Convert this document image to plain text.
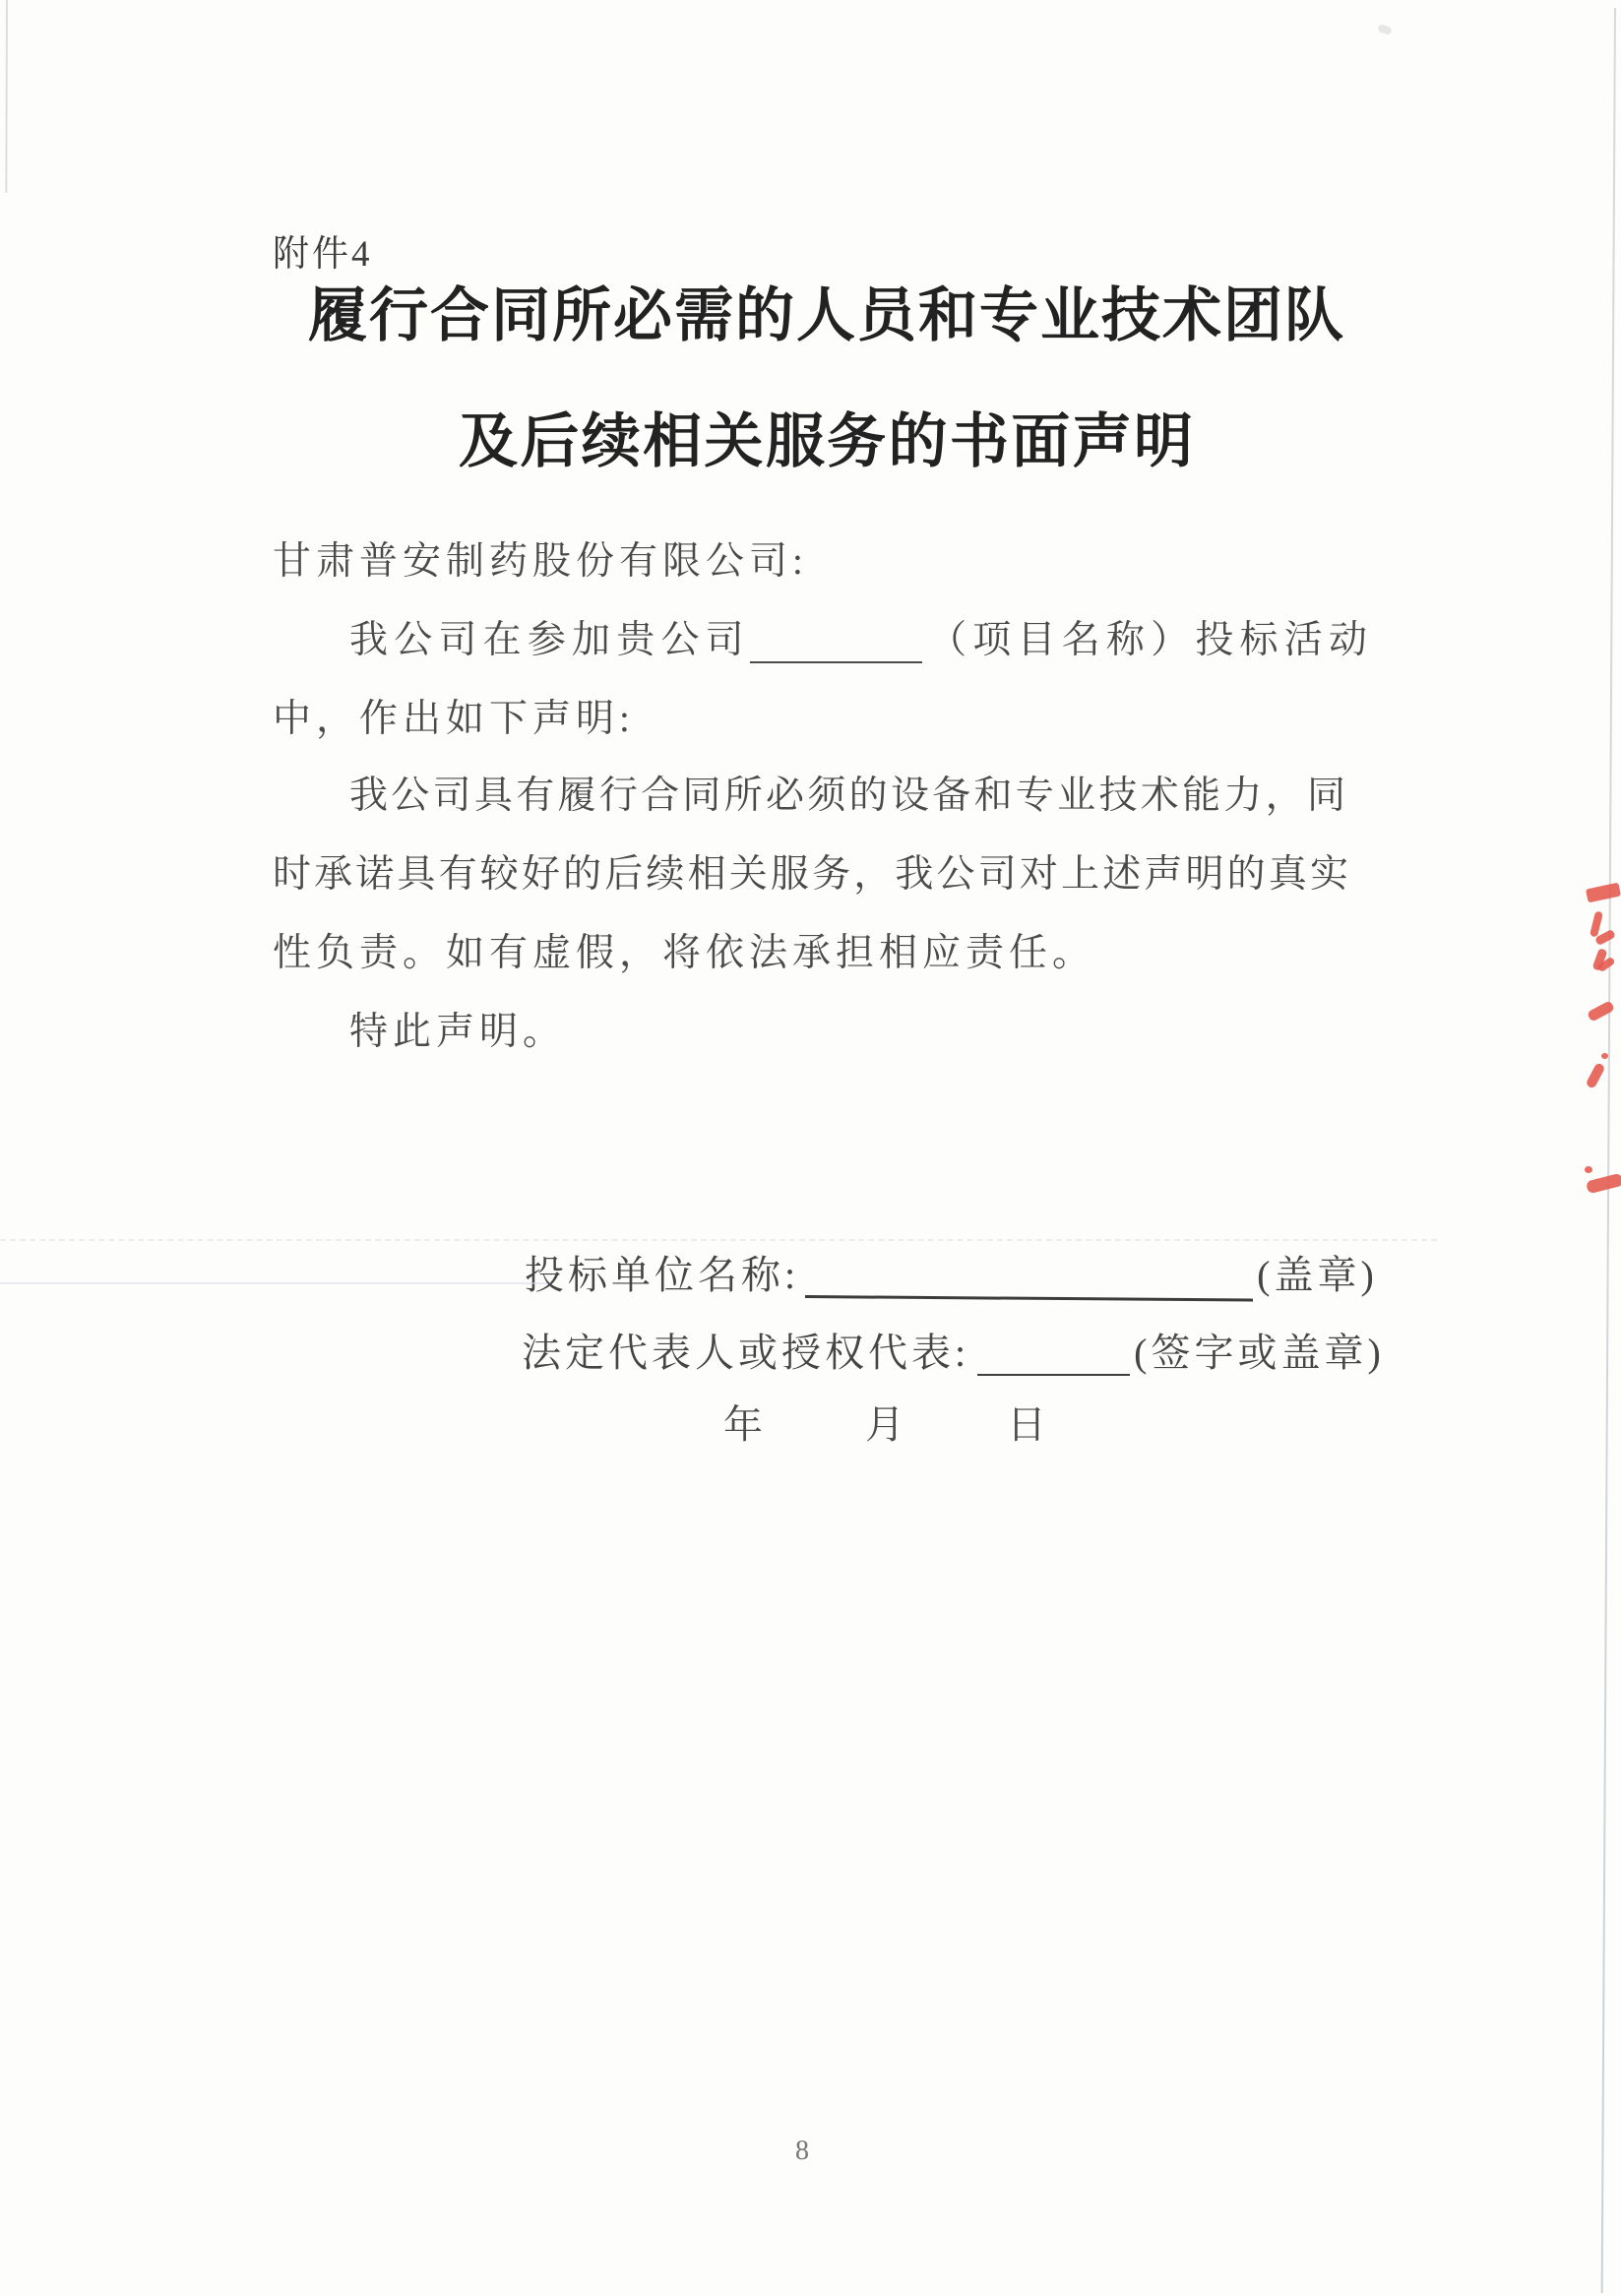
附件4
履行合同所必需的人员和专业技术团队
及后续相关服务的书面声明
甘肃普安制药股份有限公司:
我公司在参加贵公司	（项目名称）投标活动
中，作出如下声明:
我公司具有履行合同所必须的设备和专业技术能力，同
时承诺具有较好的后续相关服务，我公司对上述声明的真实
性负责。如有虚假，将依法承担相应责任。
特此声明。
投标单位名称:	(盖章)
法定代表人或授权代表:	(签字或盖章)
年	月	日
8
